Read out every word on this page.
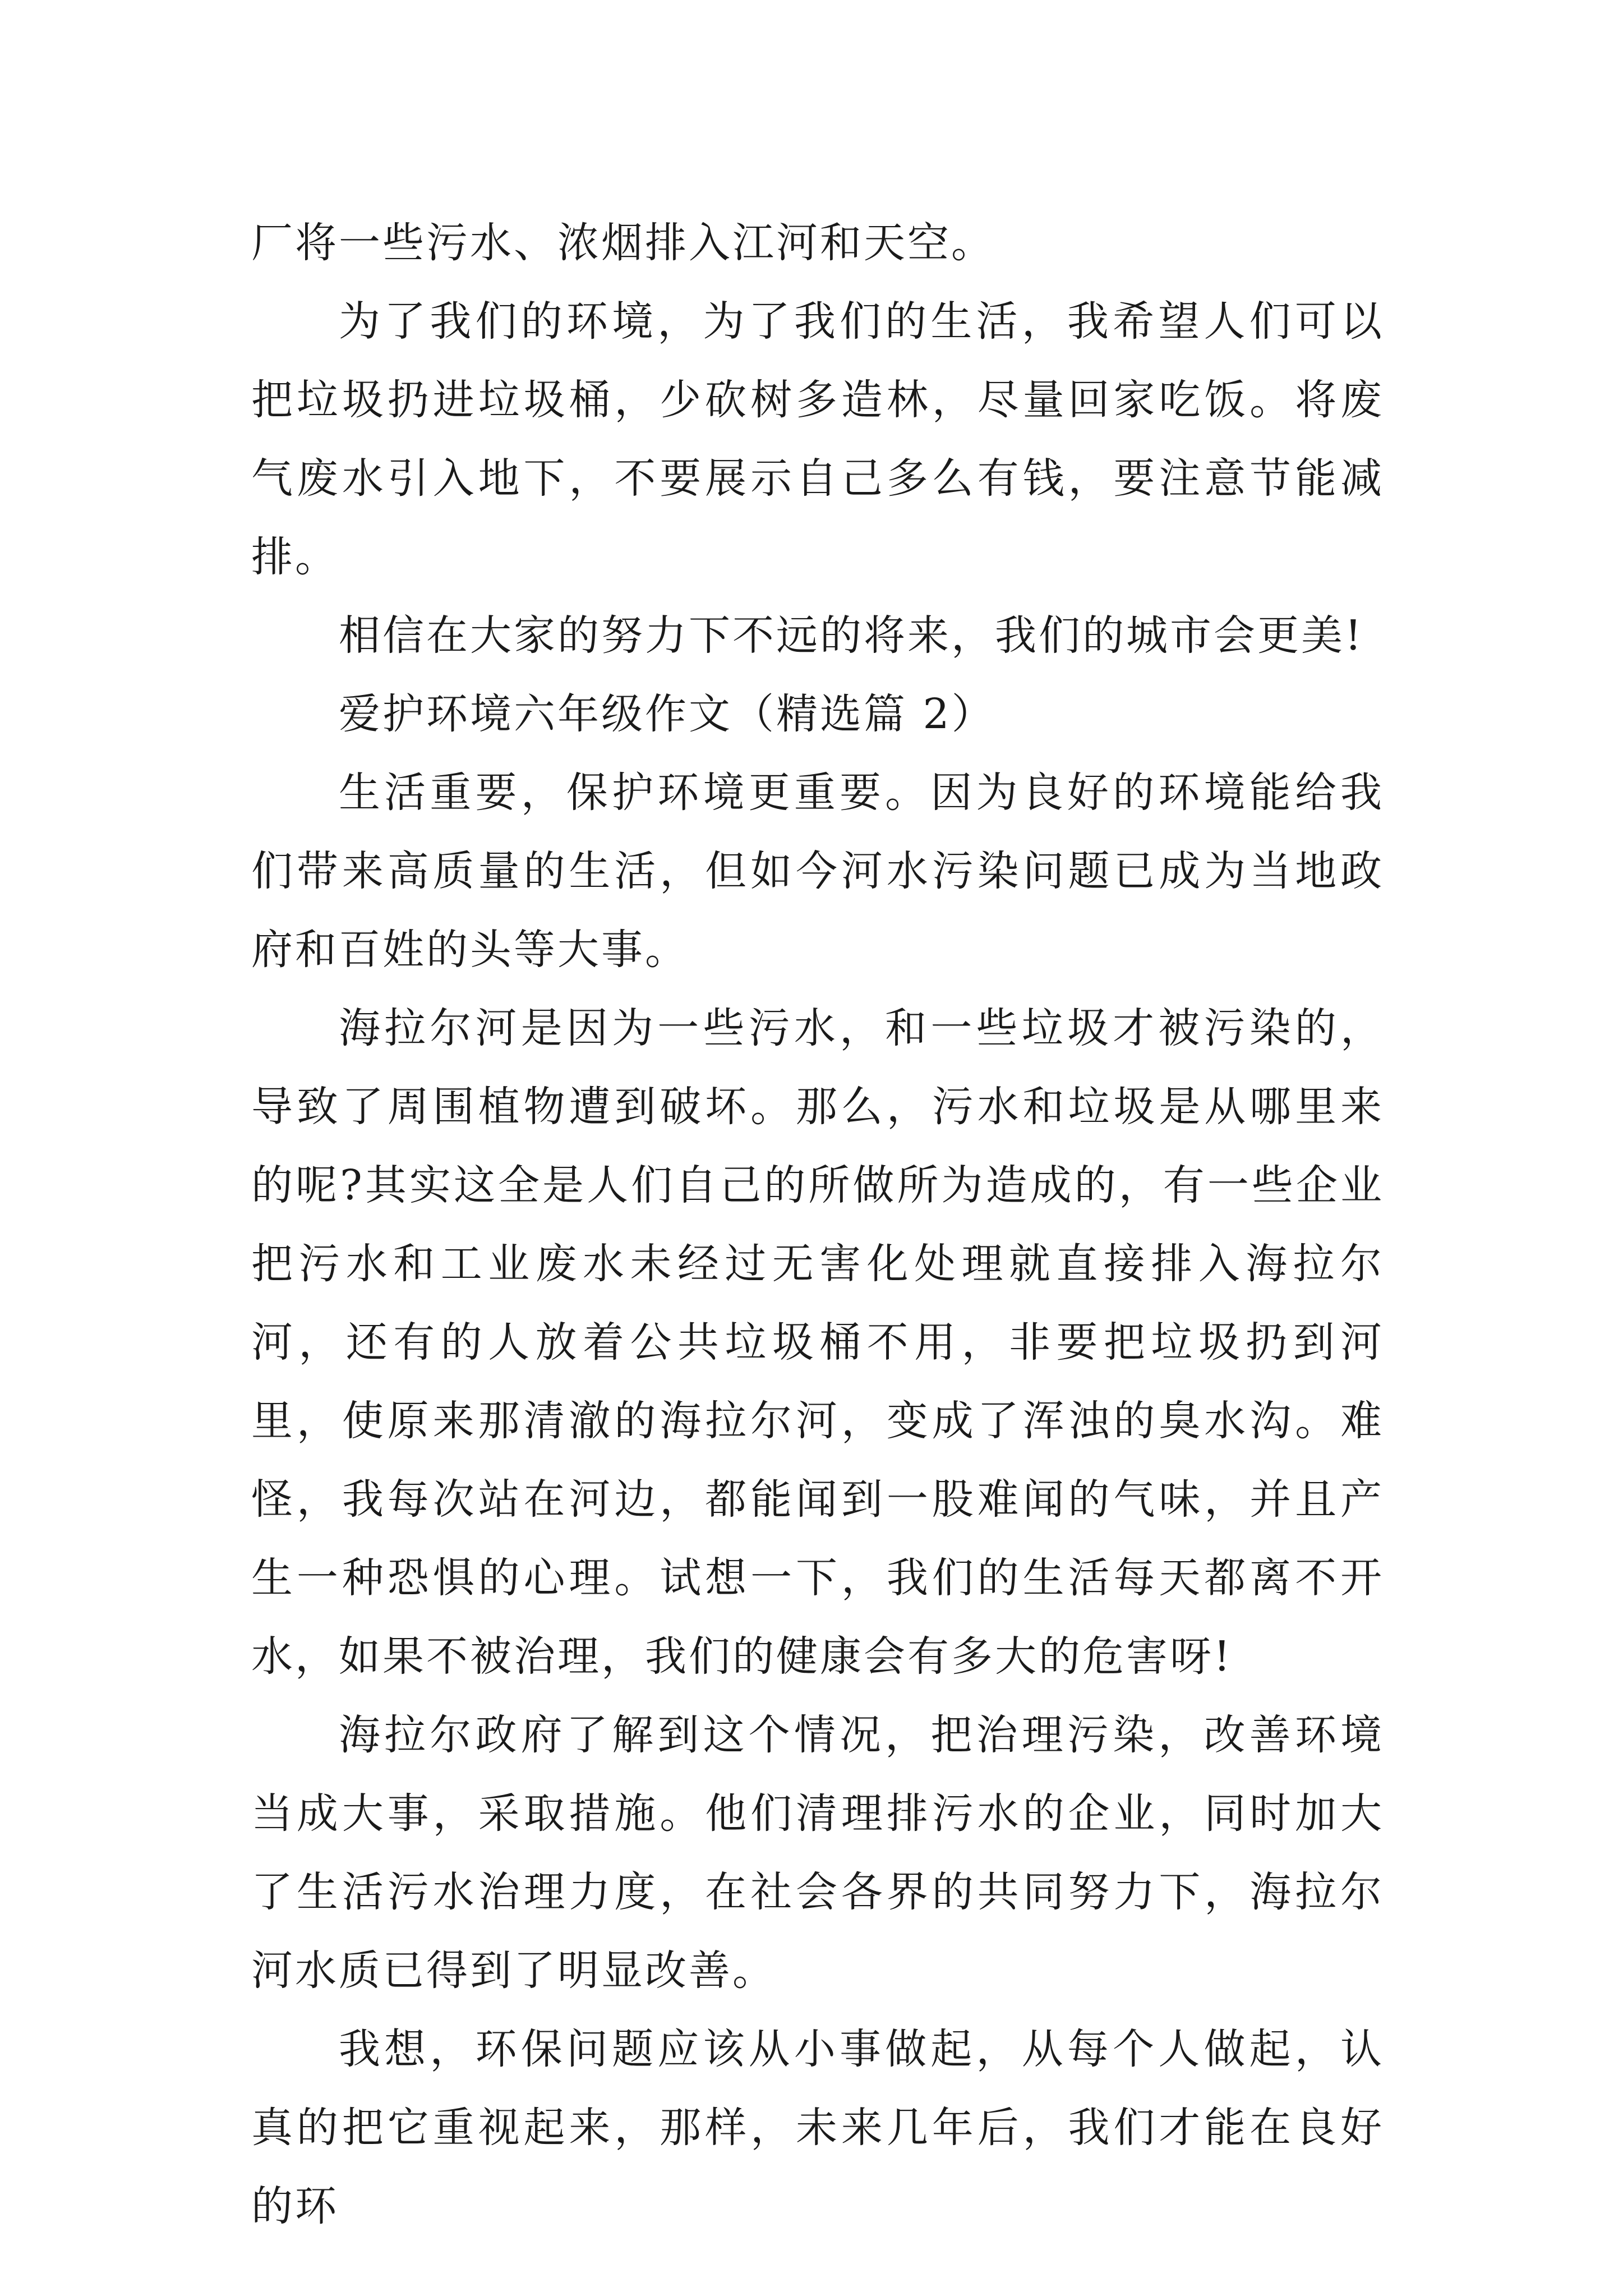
厂将一些污水、浓烟排入江河和天空。

为了我们的环境，为了我们的生活，我希望人们可以把垃圾扔进垃圾桶，少砍树多造林，尽量回家吃饭。将废气废水引入地下，不要展示自己多么有钱，要注意节能减排。

相信在大家的努力下不远的将来，我们的城市会更美!

爱护环境六年级作文（精选篇 2）

生活重要，保护环境更重要。因为良好的环境能给我们带来高质量的生活，但如今河水污染问题已成为当地政府和百姓的头等大事。

海拉尔河是因为一些污水，和一些垃圾才被污染的，导致了周围植物遭到破坏。那么，污水和垃圾是从哪里来的呢?其实这全是人们自己的所做所为造成的，有一些企业把污水和工业废水未经过无害化处理就直接排入海拉尔河，还有的人放着公共垃圾桶不用，非要把垃圾扔到河里，使原来那清澈的海拉尔河，变成了浑浊的臭水沟。难怪，我每次站在河边，都能闻到一股难闻的气味，并且产生一种恐惧的心理。试想一下，我们的生活每天都离不开水，如果不被治理，我们的健康会有多大的危害呀!

海拉尔政府了解到这个情况，把治理污染，改善环境当成大事，采取措施。他们清理排污水的企业，同时加大了生活污水治理力度，在社会各界的共同努力下，海拉尔河水质已得到了明显改善。

我想，环保问题应该从小事做起，从每个人做起，认真的把它重视起来，那样，未来几年后，我们才能在良好的环
